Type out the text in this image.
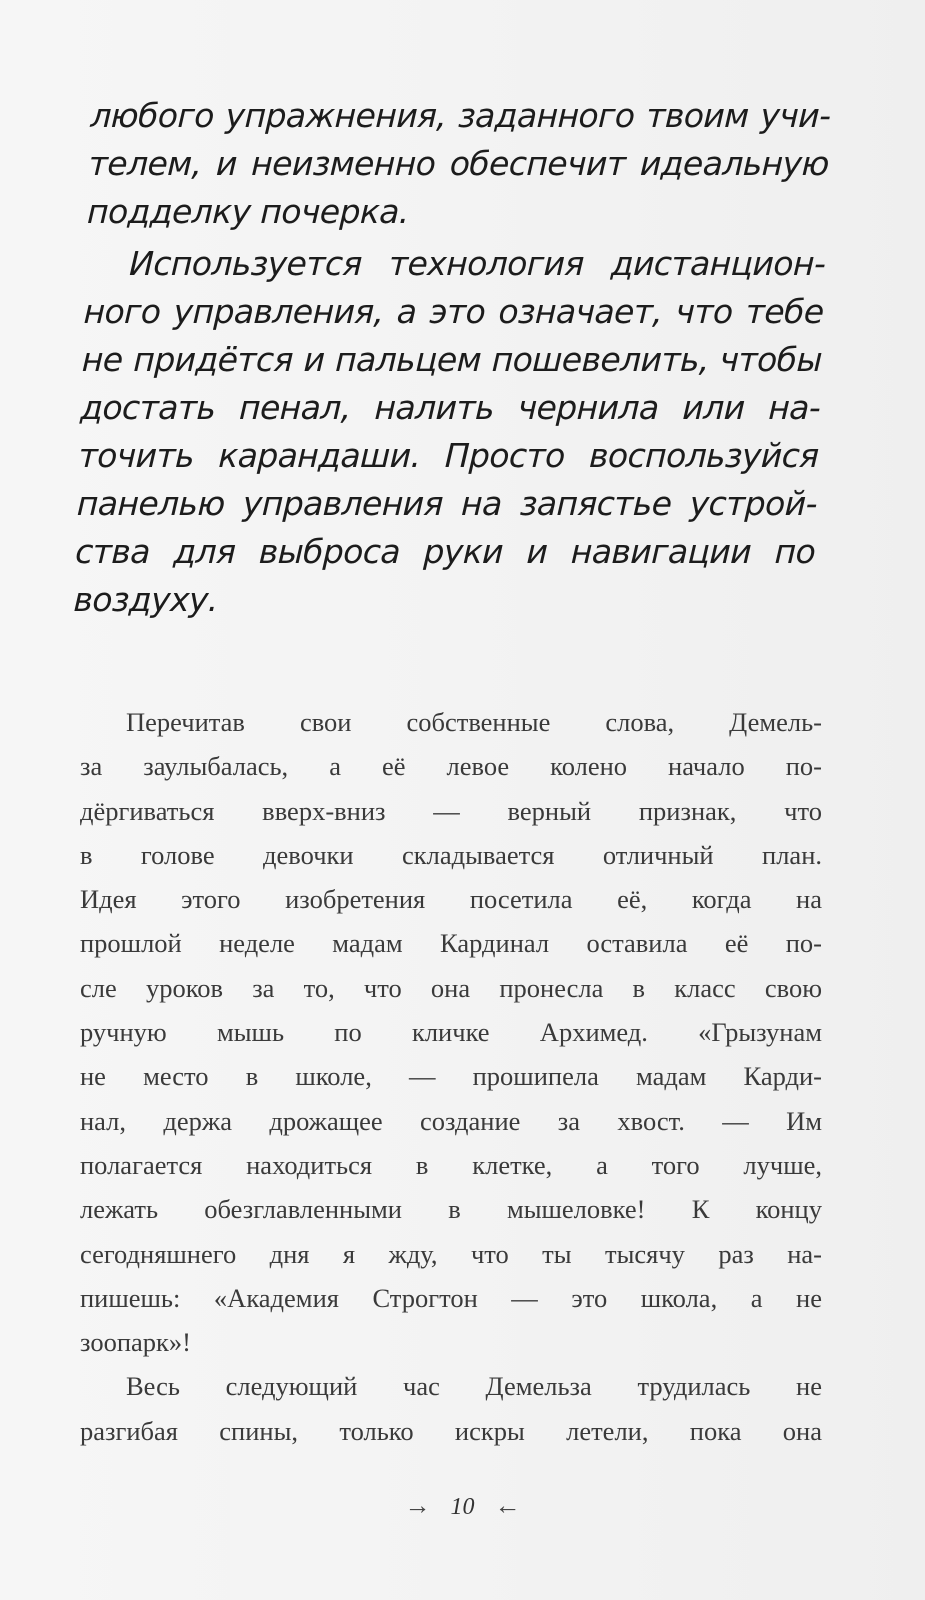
любого упражнения, заданного твоим учи-
телем, и неизменно обеспечит идеальную
подделку почерка.
Используется технология дистанцион-
ного управления, а это означает, что тебе
не придётся и пальцем пошевелить, чтобы
достать пенал, налить чернила или на-
точить карандаши. Просто воспользуйся
панелью управления на запястье устрой-
ства для выброса руки и навигации по
воздуху.
Перечитав свои собственные слова, Демель-
за заулыбалась, а её левое колено начало по-
дёргиваться вверх-вниз — верный признак, что
в голове девочки складывается отличный план.
Идея этого изобретения посетила её, когда на
прошлой неделе мадам Кардинал оставила её по-
сле уроков за то, что она пронесла в класс свою
ручную мышь по кличке Архимед. «Грызунам
не место в школе, — прошипела мадам Карди-
нал, держа дрожащее создание за хвост. — Им
полагается находиться в клетке, а того лучше,
лежать обезглавленными в мышеловке! К концу
сегодняшнего дня я жду, что ты тысячу раз на-
пишешь: «Академия Строгтон — это школа, а не
зоопарк»!
Весь следующий час Демельза трудилась не
разгибая спины, только искры летели, пока она
→ 10 ←
